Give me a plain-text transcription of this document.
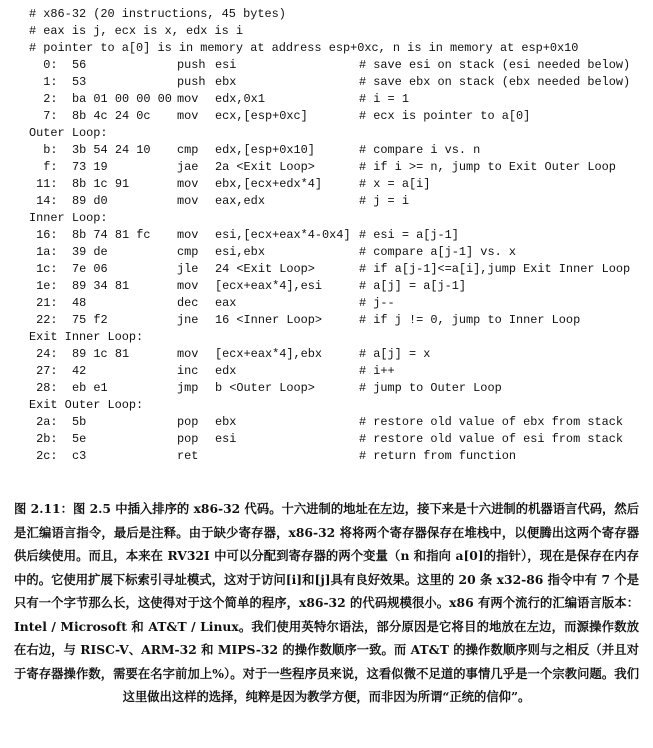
# x86-32 (20 instructions, 45 bytes)
# eax is j, ecx is x, edx is i
# pointer to a[0] is in memory at address esp+0xc, n is in memory at esp+0x10
0: 56	push esi	# save esi on stack (esi needed below)
1: 53	push ebx	# save ebx on stack (ebx needed below)
2: ba 01 00 00 00 mov edx,0x1	# i = 1
7: 8b 4c 24 0c mov ecx,[esp+0xc]	# ecx is pointer to a[0]
Outer Loop:
b: 3b 54 24 10 cmp edx,[esp+0x10]	# compare i vs. n
f: 73 19	jae 2a <Exit Loop>	# if i >= n, jump to Exit Outer Loop
11: 8b 1c 91	mov ebx,[ecx+edx*4]	# x = a[i]
14: 89 d0	mov eax,edx	# j = i
Inner Loop:
16: 8b 74 81 fc mov esi,[ecx+eax*4-0x4] # esi = a[j-1]
1a: 39 de	cmp esi,ebx	# compare a[j-1] vs. x
1c: 7e 06	jle 24 <Exit Loop>	# if a[j-1]<=a[i],jump Exit Inner Loop
1e: 89 34 81	mov [ecx+eax*4],esi	# a[j] = a[j-1]
21: 48	dec eax	# j--
22: 75 f2	jne 16 <Inner Loop>	# if j != 0, jump to Inner Loop
Exit Inner Loop:
24: 89 1c 81	mov [ecx+eax*4],ebx	# a[j] = x
27: 42	inc edx	# i++
28: eb e1	jmp b <Outer Loop>	# jump to Outer Loop
Exit Outer Loop:
2a: 5b	pop ebx	# restore old value of ebx from stack
2b: 5e	pop esi	# restore old value of esi from stack
2c: c3	ret	# return from function
图 2.11：图 2.5 中插入排序的 x86-32 代码。十六进制的地址在左边，接下来是十六进制的机器语言代码，然后是汇编语言指令，最后是注释。由于缺少寄存器，x86-32 将将两个寄存器保存在堆栈中，以便腾出这两个寄存器供后续使用。而且，本来在 RV32I 中可以分配到寄存器的两个变量（n 和指向 a[0]的指针），现在是保存在内存中的。它使用扩展下标索引寻址模式，这对于访问[i]和[j]具有良好效果。这里的 20 条 x32-86 指令中有 7 个是只有一个字节那么长，这使得对于这个简单的程序，x86-32 的代码规模很小。x86 有两个流行的汇编语言版本：Intel / Microsoft 和 AT&T / Linux。我们使用英特尔语法，部分原因是它将目的地放在左边，而源操作数放在右边，与 RISC-V、ARM-32 和 MIPS-32 的操作数顺序一致。而 AT&T 的操作数顺序则与之相反（并且对于寄存器操作数，需要在名字前加上%）。对于一些程序员来说，这看似微不足道的事情几乎是一个宗教问题。我们这里做出这样的选择，纯粹是因为教学方便，而非因为所谓“正统的信仰”。
